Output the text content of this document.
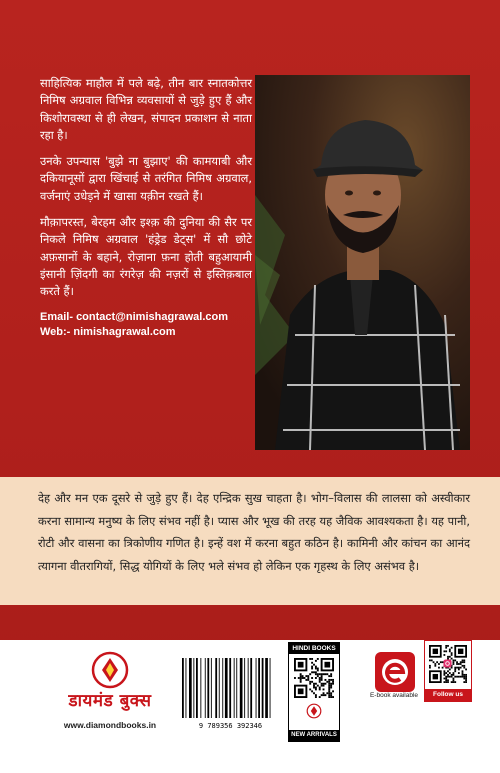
साहित्यिक माहौल में पले बढ़े, तीन बार स्नातकोत्तर निमिष अग्रवाल विभिन्न व्यवसायों से जुड़े हुए हैं और किशोरावस्था से ही लेखन, संपादन प्रकाशन से नाता रहा है।

उनके उपन्यास 'बुझे ना बुझाए' की कामयाबी और दकियानूसों द्वारा खिंचाई से तरंगित निमिष अग्रवाल, वर्जनाएं उधेड़ने में खासा यक़ीन रखते हैं।

मौक़ापरस्त, बेरहम और इश्क़ की दुनिया की सैर पर निकले निमिष अग्रवाल 'हंड्रेड डेट्स' में सौ छोटे अफ़सानों के बहाने, रोज़ाना फ़ना होती बहुआयामी इंसानी ज़िंदगी का रंगरेज़ की नज़रों से इस्तिक़बाल करते हैं।

Email- contact@nimishagrawal.com
Web:- nimishagrawal.com

देह और मन एक दूसरे से जुड़े हुए हैं। देह एन्द्रिक सुख चाहता है। भोग–विलास की लालसा को अस्वीकार करना सामान्य मनुष्य के लिए संभव नहीं है। प्यास और भूख की तरह यह जैविक आवश्यकता है। यह पानी, रोटी और वासना का त्रिकोणीय गणित है। इन्हें वश में करना बहुत कठिन है। कामिनी और कांचन का आनंद त्यागना वीतरागियों, सिद्ध योगियों के लिए भले संभव हो लेकिन एक गृहस्थ के लिए असंभव है।

डायमंड बुक्स
www.diamondbooks.in	9 789356 392346
HINDI BOOKS
NEW ARRIVALS
E-book available	Follow us
